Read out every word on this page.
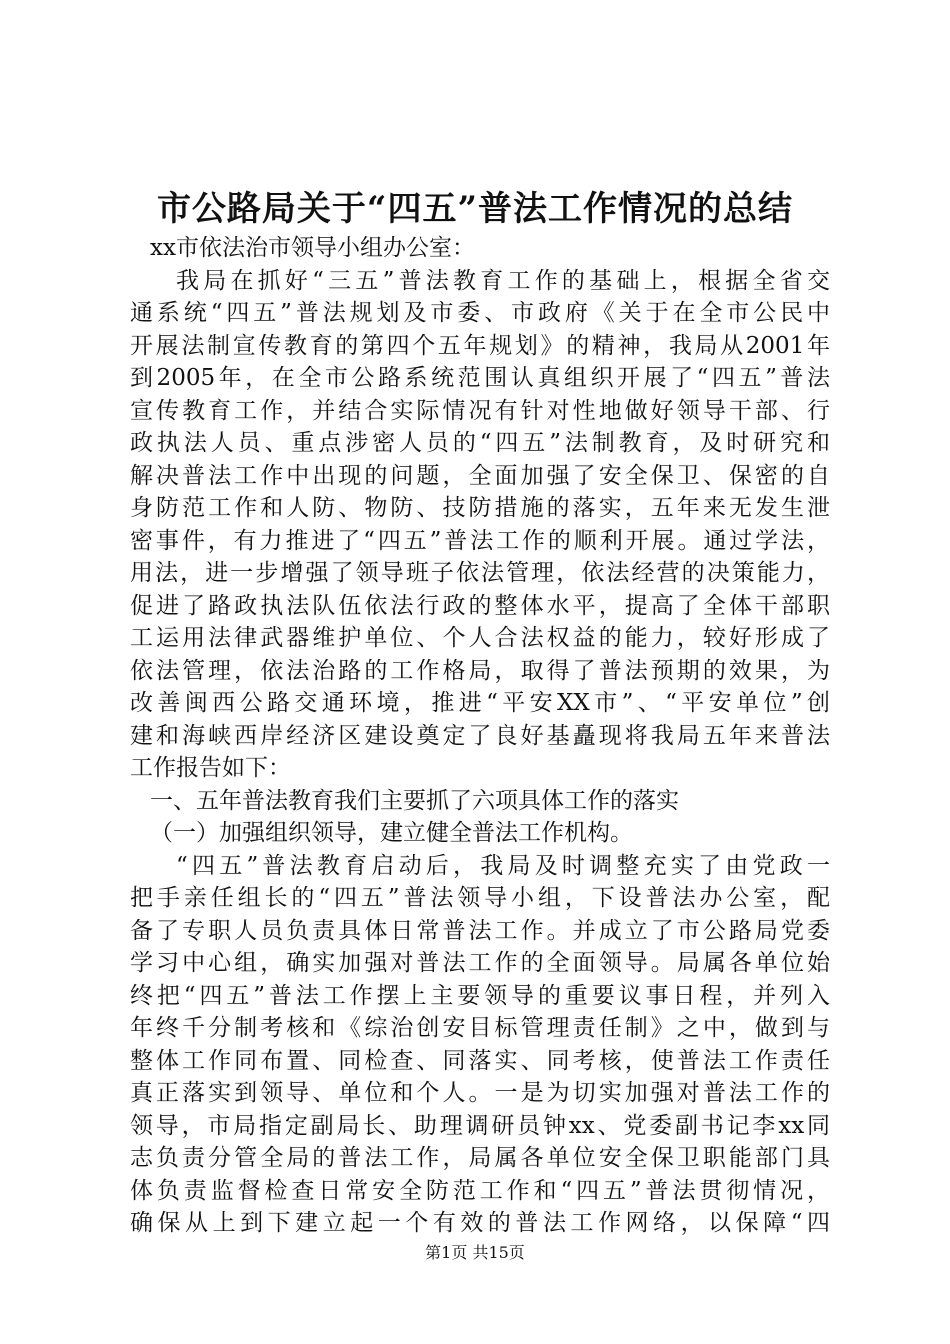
市公路局关于“四五”普法工作情况的总结
xx市依法治市领导小组办公室：
我局在抓好“三五”普法教育工作的基础上，根据全省交
通系统“四五”普法规划及市委、市政府《关于在全市公民中
开展法制宣传教育的第四个五年规划》的精神，我局从2001年
到2005年，在全市公路系统范围认真组织开展了“四五”普法
宣传教育工作，并结合实际情况有针对性地做好领导干部、行
政执法人员、重点涉密人员的“四五”法制教育，及时研究和
解决普法工作中出现的问题，全面加强了安全保卫、保密的自
身防范工作和人防、物防、技防措施的落实，五年来无发生泄
密事件，有力推进了“四五”普法工作的顺利开展。通过学法，
用法，进一步增强了领导班子依法管理，依法经营的决策能力，
促进了路政执法队伍依法行政的整体水平，提高了全体干部职
工运用法律武器维护单位、个人合法权益的能力，较好形成了
依法管理，依法治路的工作格局，取得了普法预期的效果，为
改善闽西公路交通环境，推进“平安XX市”、“平安单位”创
建和海峡西岸经济区建设奠定了良好基矗现将我局五年来普法
工作报告如下：
一、五年普法教育我们主要抓了六项具体工作的落实
（一）加强组织领导，建立健全普法工作机构。
“四五”普法教育启动后，我局及时调整充实了由党政一
把手亲任组长的“四五”普法领导小组，下设普法办公室，配
备了专职人员负责具体日常普法工作。并成立了市公路局党委
学习中心组，确实加强对普法工作的全面领导。局属各单位始
终把“四五”普法工作摆上主要领导的重要议事日程，并列入
年终千分制考核和《综治创安目标管理责任制》之中，做到与
整体工作同布置、同检查、同落实、同考核，使普法工作责任
真正落实到领导、单位和个人。一是为切实加强对普法工作的
领导，市局指定副局长、助理调研员钟xx、党委副书记李xx同
志负责分管全局的普法工作，局属各单位安全保卫职能部门具
体负责监督检查日常安全防范工作和“四五”普法贯彻情况，
确保从上到下建立起一个有效的普法工作网络，以保障“四
第1页 共15页
